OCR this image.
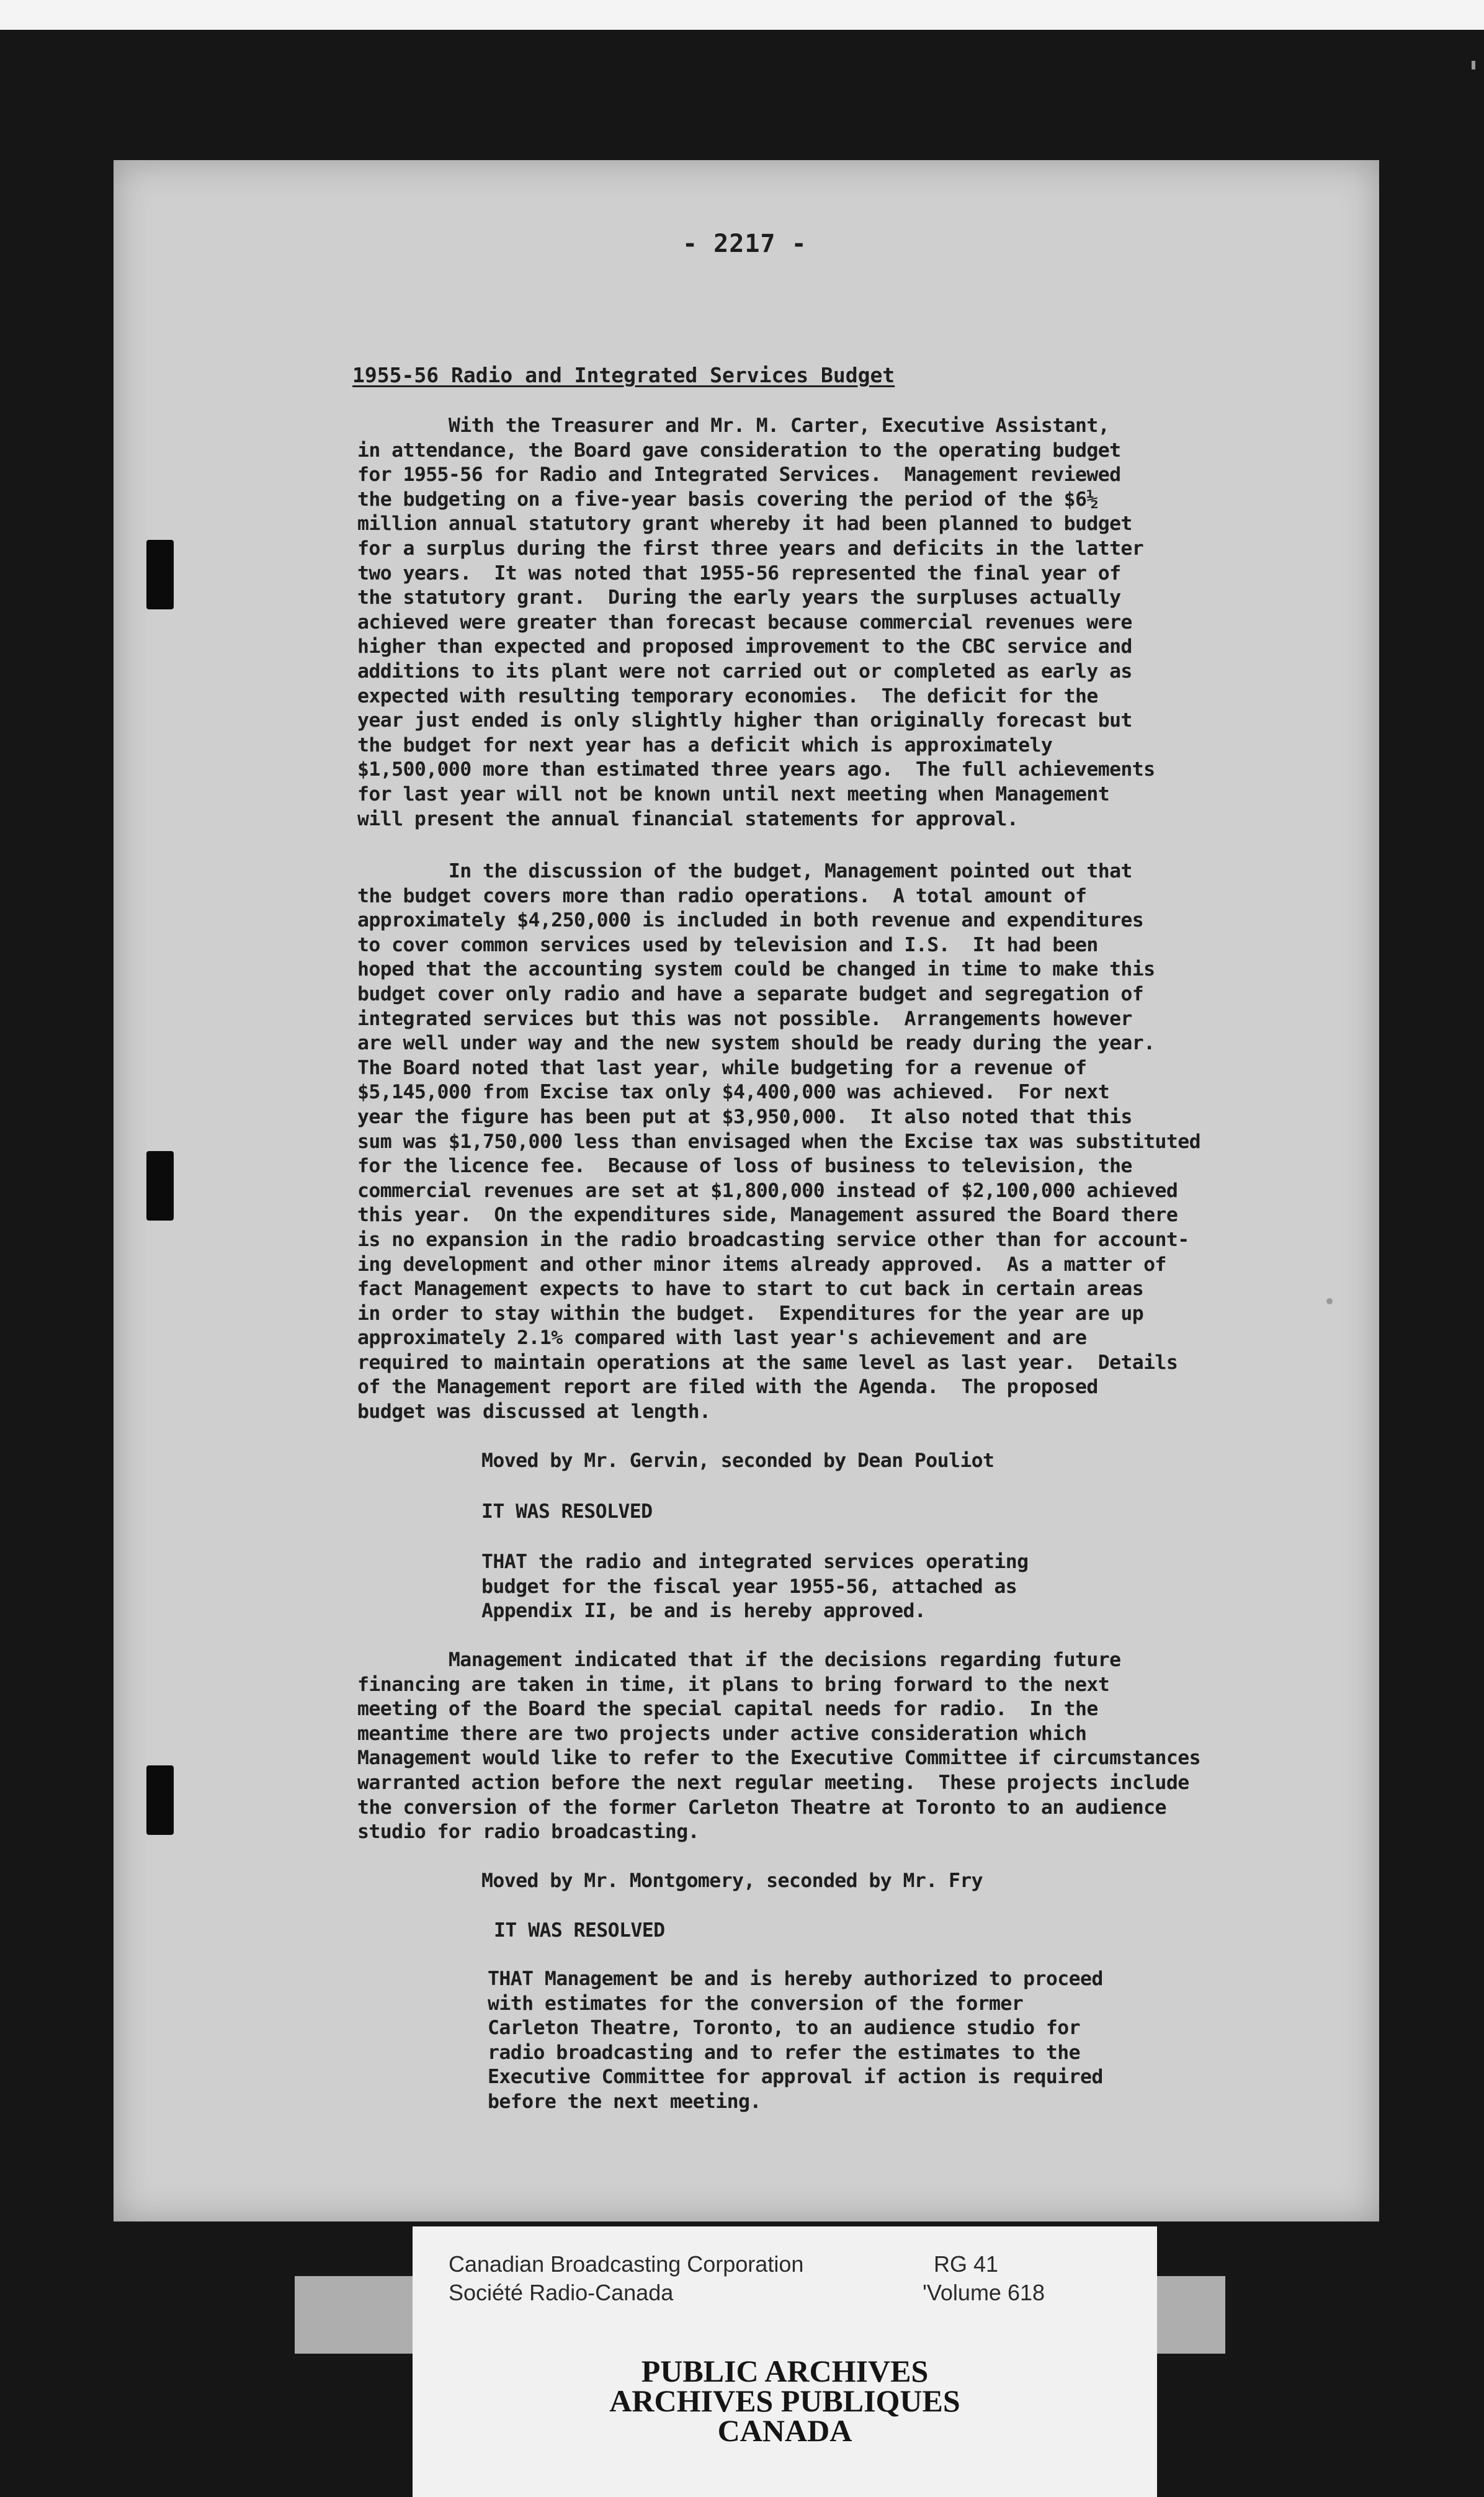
- 2217 -
1955-56 Radio and Integrated Services Budget
With the Treasurer and Mr. M. Carter, Executive Assistant,
in attendance, the Board gave consideration to the operating budget
for 1955-56 for Radio and Integrated Services.  Management reviewed
the budgeting on a five-year basis covering the period of the $6½
million annual statutory grant whereby it had been planned to budget
for a surplus during the first three years and deficits in the latter
two years.  It was noted that 1955-56 represented the final year of
the statutory grant.  During the early years the surpluses actually
achieved were greater than forecast because commercial revenues were
higher than expected and proposed improvement to the CBC service and
additions to its plant were not carried out or completed as early as
expected with resulting temporary economies.  The deficit for the
year just ended is only slightly higher than originally forecast but
the budget for next year has a deficit which is approximately
$1,500,000 more than estimated three years ago.  The full achievements
for last year will not be known until next meeting when Management
will present the annual financial statements for approval.
In the discussion of the budget, Management pointed out that
the budget covers more than radio operations.  A total amount of
approximately $4,250,000 is included in both revenue and expenditures
to cover common services used by television and I.S.  It had been
hoped that the accounting system could be changed in time to make this
budget cover only radio and have a separate budget and segregation of
integrated services but this was not possible.  Arrangements however
are well under way and the new system should be ready during the year.
The Board noted that last year, while budgeting for a revenue of
$5,145,000 from Excise tax only $4,400,000 was achieved.  For next
year the figure has been put at $3,950,000.  It also noted that this
sum was $1,750,000 less than envisaged when the Excise tax was substituted
for the licence fee.  Because of loss of business to television, the
commercial revenues are set at $1,800,000 instead of $2,100,000 achieved
this year.  On the expenditures side, Management assured the Board there
is no expansion in the radio broadcasting service other than for account-
ing development and other minor items already approved.  As a matter of
fact Management expects to have to start to cut back in certain areas
in order to stay within the budget.  Expenditures for the year are up
approximately 2.1% compared with last year's achievement and are
required to maintain operations at the same level as last year.  Details
of the Management report are filed with the Agenda.  The proposed
budget was discussed at length.
Moved by Mr. Gervin, seconded by Dean Pouliot
IT WAS RESOLVED
THAT the radio and integrated services operating
budget for the fiscal year 1955-56, attached as
Appendix II, be and is hereby approved.
Management indicated that if the decisions regarding future
financing are taken in time, it plans to bring forward to the next
meeting of the Board the special capital needs for radio.  In the
meantime there are two projects under active consideration which
Management would like to refer to the Executive Committee if circumstances
warranted action before the next regular meeting.  These projects include
the conversion of the former Carleton Theatre at Toronto to an audience
studio for radio broadcasting.
Moved by Mr. Montgomery, seconded by Mr. Fry
IT WAS RESOLVED
THAT Management be and is hereby authorized to proceed
with estimates for the conversion of the former
Carleton Theatre, Toronto, to an audience studio for
radio broadcasting and to refer the estimates to the
Executive Committee for approval if action is required
before the next meeting.
Canadian Broadcasting Corporation
Société Radio-Canada
RG 41
'Volume 618
PUBLIC ARCHIVES
ARCHIVES PUBLIQUES
CANADA
